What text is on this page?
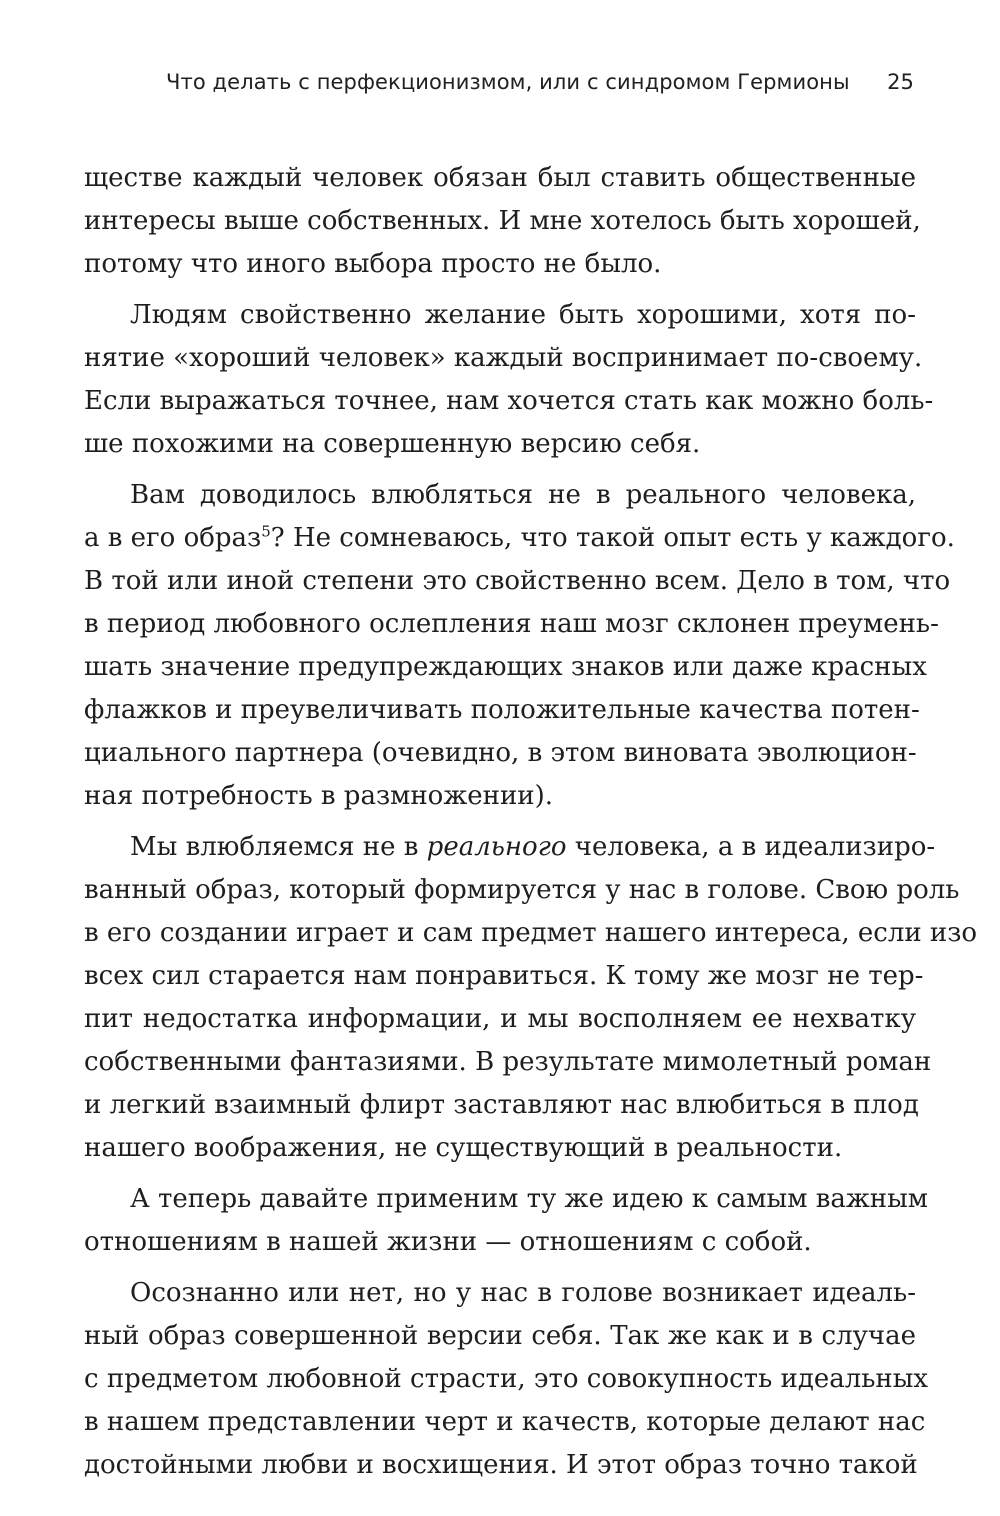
Что делать с перфекционизмом, или с синдромом Гермионы 25
ществе каждый человек обязан был ставить общественные
интересы выше собственных. И мне хотелось быть хорошей,
потому что иного выбора просто не было.
Людям свойственно желание быть хорошими, хотя по-
нятие «хороший человек» каждый воспринимает по-своему.
Если выражаться точнее, нам хочется стать как можно боль-
ше похожими на совершенную версию себя.
Вам доводилось влюбляться не в реального человека,
а в его образ$^5$? Не сомневаюсь, что такой опыт есть у каждого.
В той или иной степени это свойственно всем. Дело в том, что
в период любовного ослепления наш мозг склонен преумень-
шать значение предупреждающих знаков или даже красных
флажков и преувеличивать положительные качества потен-
циального партнера (очевидно, в этом виновата эволюцион-
ная потребность в размножении).
Мы влюбляемся не в реального человека, а в идеализиро-
ванный образ, который формируется у нас в голове. Свою роль
в его создании играет и сам предмет нашего интереса, если изо
всех сил старается нам понравиться. К тому же мозг не тер-
пит недостатка информации, и мы восполняем ее нехватку
собственными фантазиями. В результате мимолетный роман
и легкий взаимный флирт заставляют нас влюбиться в плод
нашего воображения, не существующий в реальности.
А теперь давайте применим ту же идею к самым важным
отношениям в нашей жизни — отношениям с собой.
Осознанно или нет, но у нас в голове возникает идеаль-
ный образ совершенной версии себя. Так же как и в случае
с предметом любовной страсти, это совокупность идеальных
в нашем представлении черт и качеств, которые делают нас
достойными любви и восхищения. И этот образ точно такой
